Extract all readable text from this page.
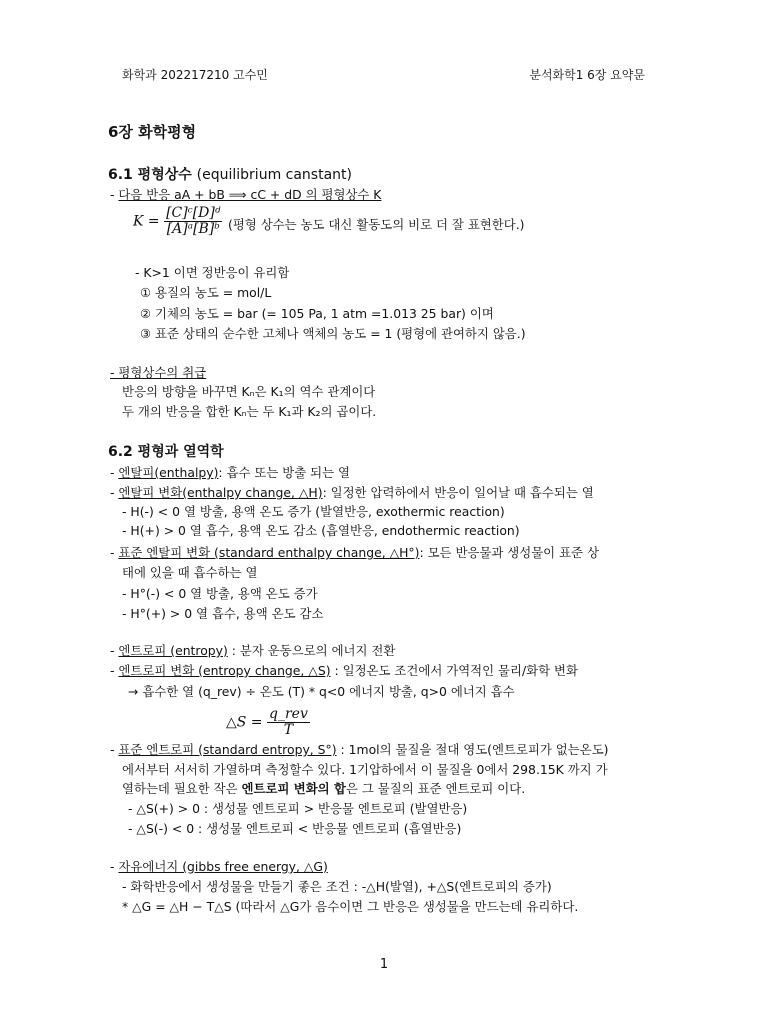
화학과 202217210 고수민	분석화학1 6장 요약문
6장 화학평형
6.1 평형상수 (equilibrium canstant)
- 다음 반응 aA + bB ⟹ cC + dD 의 평형상수 K
$K = \frac{\text{[C]ᶜ[D]ᵈ}}{\text{[A]ᵃ[B]ᵇ}}$ (평형 상수는 농도 대신 활동도의 비로 더 잘 표현한다.)
- K>1 이면 정반응이 유리함
① 용질의 농도 = mol/L
② 기체의 농도 = bar (= 105 Pa, 1 atm =1.013 25 bar) 이며
③ 표준 상태의 순수한 고체나 액체의 농도 = 1 (평형에 관여하지 않음.)
- 평형상수의 취급
반응의 방향을 바꾸면 Kₙ은 K₁의 역수 관계이다
두 개의 반응을 합한 Kₙ는 두 K₁과 K₂의 곱이다.
6.2 평형과 열역학
- 엔탈피(enthalpy): 흡수 또는 방출 되는 열
- 엔탈피 변화(enthalpy change, △H): 일정한 압력하에서 반응이 일어날 때 흡수되는 열
- H(-) < 0 열 방출, 용액 온도 증가 (발열반응, exothermic reaction)
- H(+) > 0 열 흡수, 용액 온도 감소 (흡열반응, endothermic reaction)
- 표준 엔탈피 변화 (standard enthalpy change, △H°): 모든 반응물과 생성물이 표준 상
태에 있을 때 흡수하는 열
- H°(-) < 0 열 방출, 용액 온도 증가
- H°(+) > 0 열 흡수, 용액 온도 감소
- 엔트로피 (entropy) : 분자 운동으로의 에너지 전환
- 엔트로피 변화 (entropy change, △S) : 일정온도 조건에서 가역적인 물리/화학 변화
→ 흡수한 열 (q_rev) ÷ 온도 (T) * q<0 에너지 방출, q>0 에너지 흡수
△S = $\frac{\text{q\_rev}}{T}$
- 표준 엔트로피 (standard entropy, S°) : 1mol의 물질을 절대 영도(엔트로피가 없는온도)
에서부터 서서히 가열하며 측정할수 있다. 1기압하에서 이 물질을 0에서 298.15K 까지 가
열하는데 필요한 작은 엔트로피 변화의 합은 그 물질의 표준 엔트로피 이다.
- △S(+) > 0 : 생성물 엔트로피 > 반응물 엔트로피 (발열반응)
- △S(-) < 0 : 생성물 엔트로피 < 반응물 엔트로피 (흡열반응)
- 자유에너지 (gibbs free energy, △G)
- 화학반응에서 생성물을 만들기 좋은 조건 : -△H(발열), +△S(엔트로피의 증가)
* △G = △H − T△S (따라서 △G가 음수이면 그 반응은 생성물을 만드는데 유리하다.
1
